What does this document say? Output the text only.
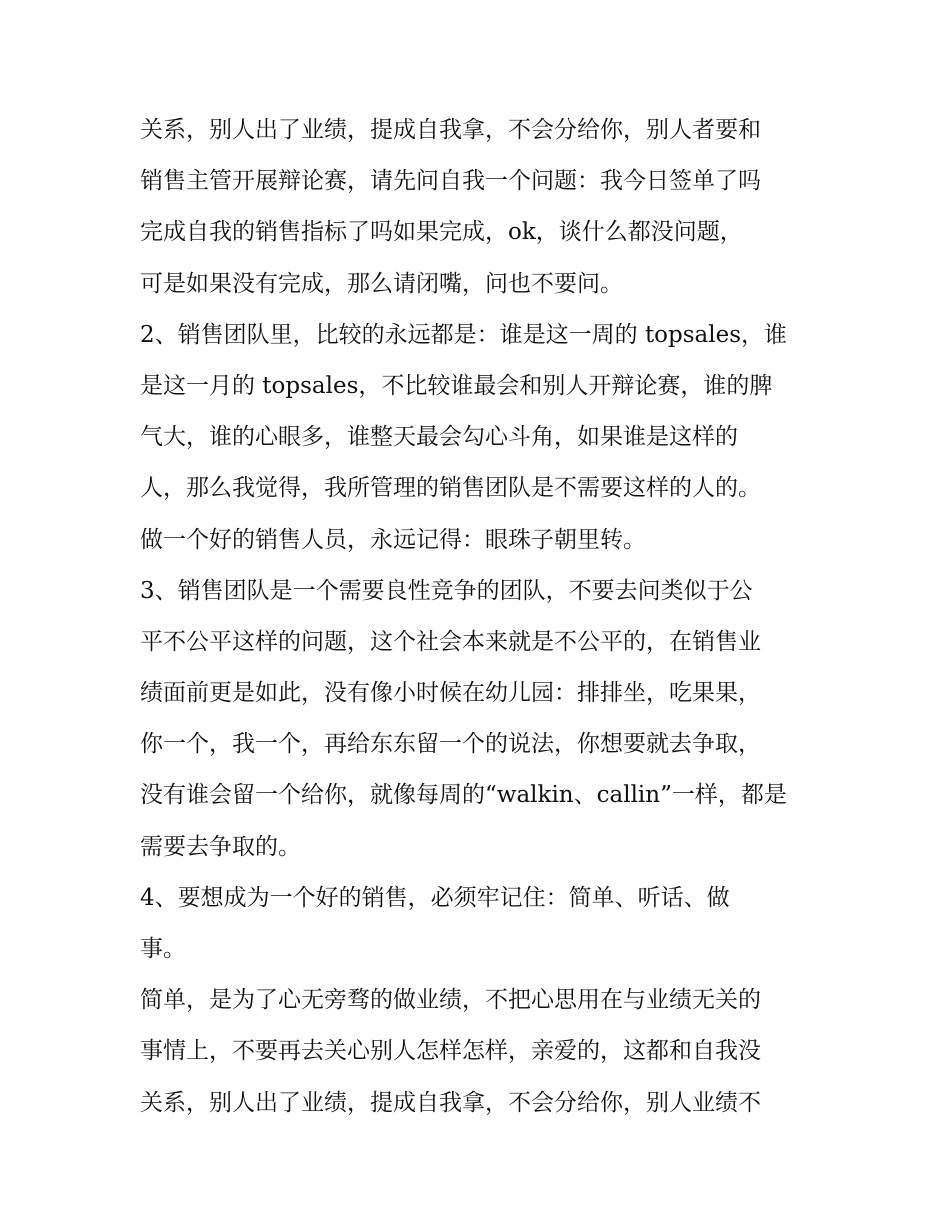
关系，别人出了业绩，提成自我拿，不会分给你，别人者要和
销售主管开展辩论赛，请先问自我一个问题：我今日签单了吗
完成自我的销售指标了吗如果完成，ok，谈什么都没问题，
可是如果没有完成，那么请闭嘴，问也不要问。
2、销售团队里，比较的永远都是：谁是这一周的 topsales，谁
是这一月的 topsales，不比较谁最会和别人开辩论赛，谁的脾
气大，谁的心眼多，谁整天最会勾心斗角，如果谁是这样的
人，那么我觉得，我所管理的销售团队是不需要这样的人的。
做一个好的销售人员，永远记得：眼珠子朝里转。
3、销售团队是一个需要良性竞争的团队，不要去问类似于公
平不公平这样的问题，这个社会本来就是不公平的，在销售业
绩面前更是如此，没有像小时候在幼儿园：排排坐，吃果果，
你一个，我一个，再给东东留一个的说法，你想要就去争取，
没有谁会留一个给你，就像每周的“walkin、callin”一样，都是
需要去争取的。
4、要想成为一个好的销售，必须牢记住：简单、听话、做
事。
简单，是为了心无旁骛的做业绩，不把心思用在与业绩无关的
事情上，不要再去关心别人怎样怎样，亲爱的，这都和自我没
关系，别人出了业绩，提成自我拿，不会分给你，别人业绩不
